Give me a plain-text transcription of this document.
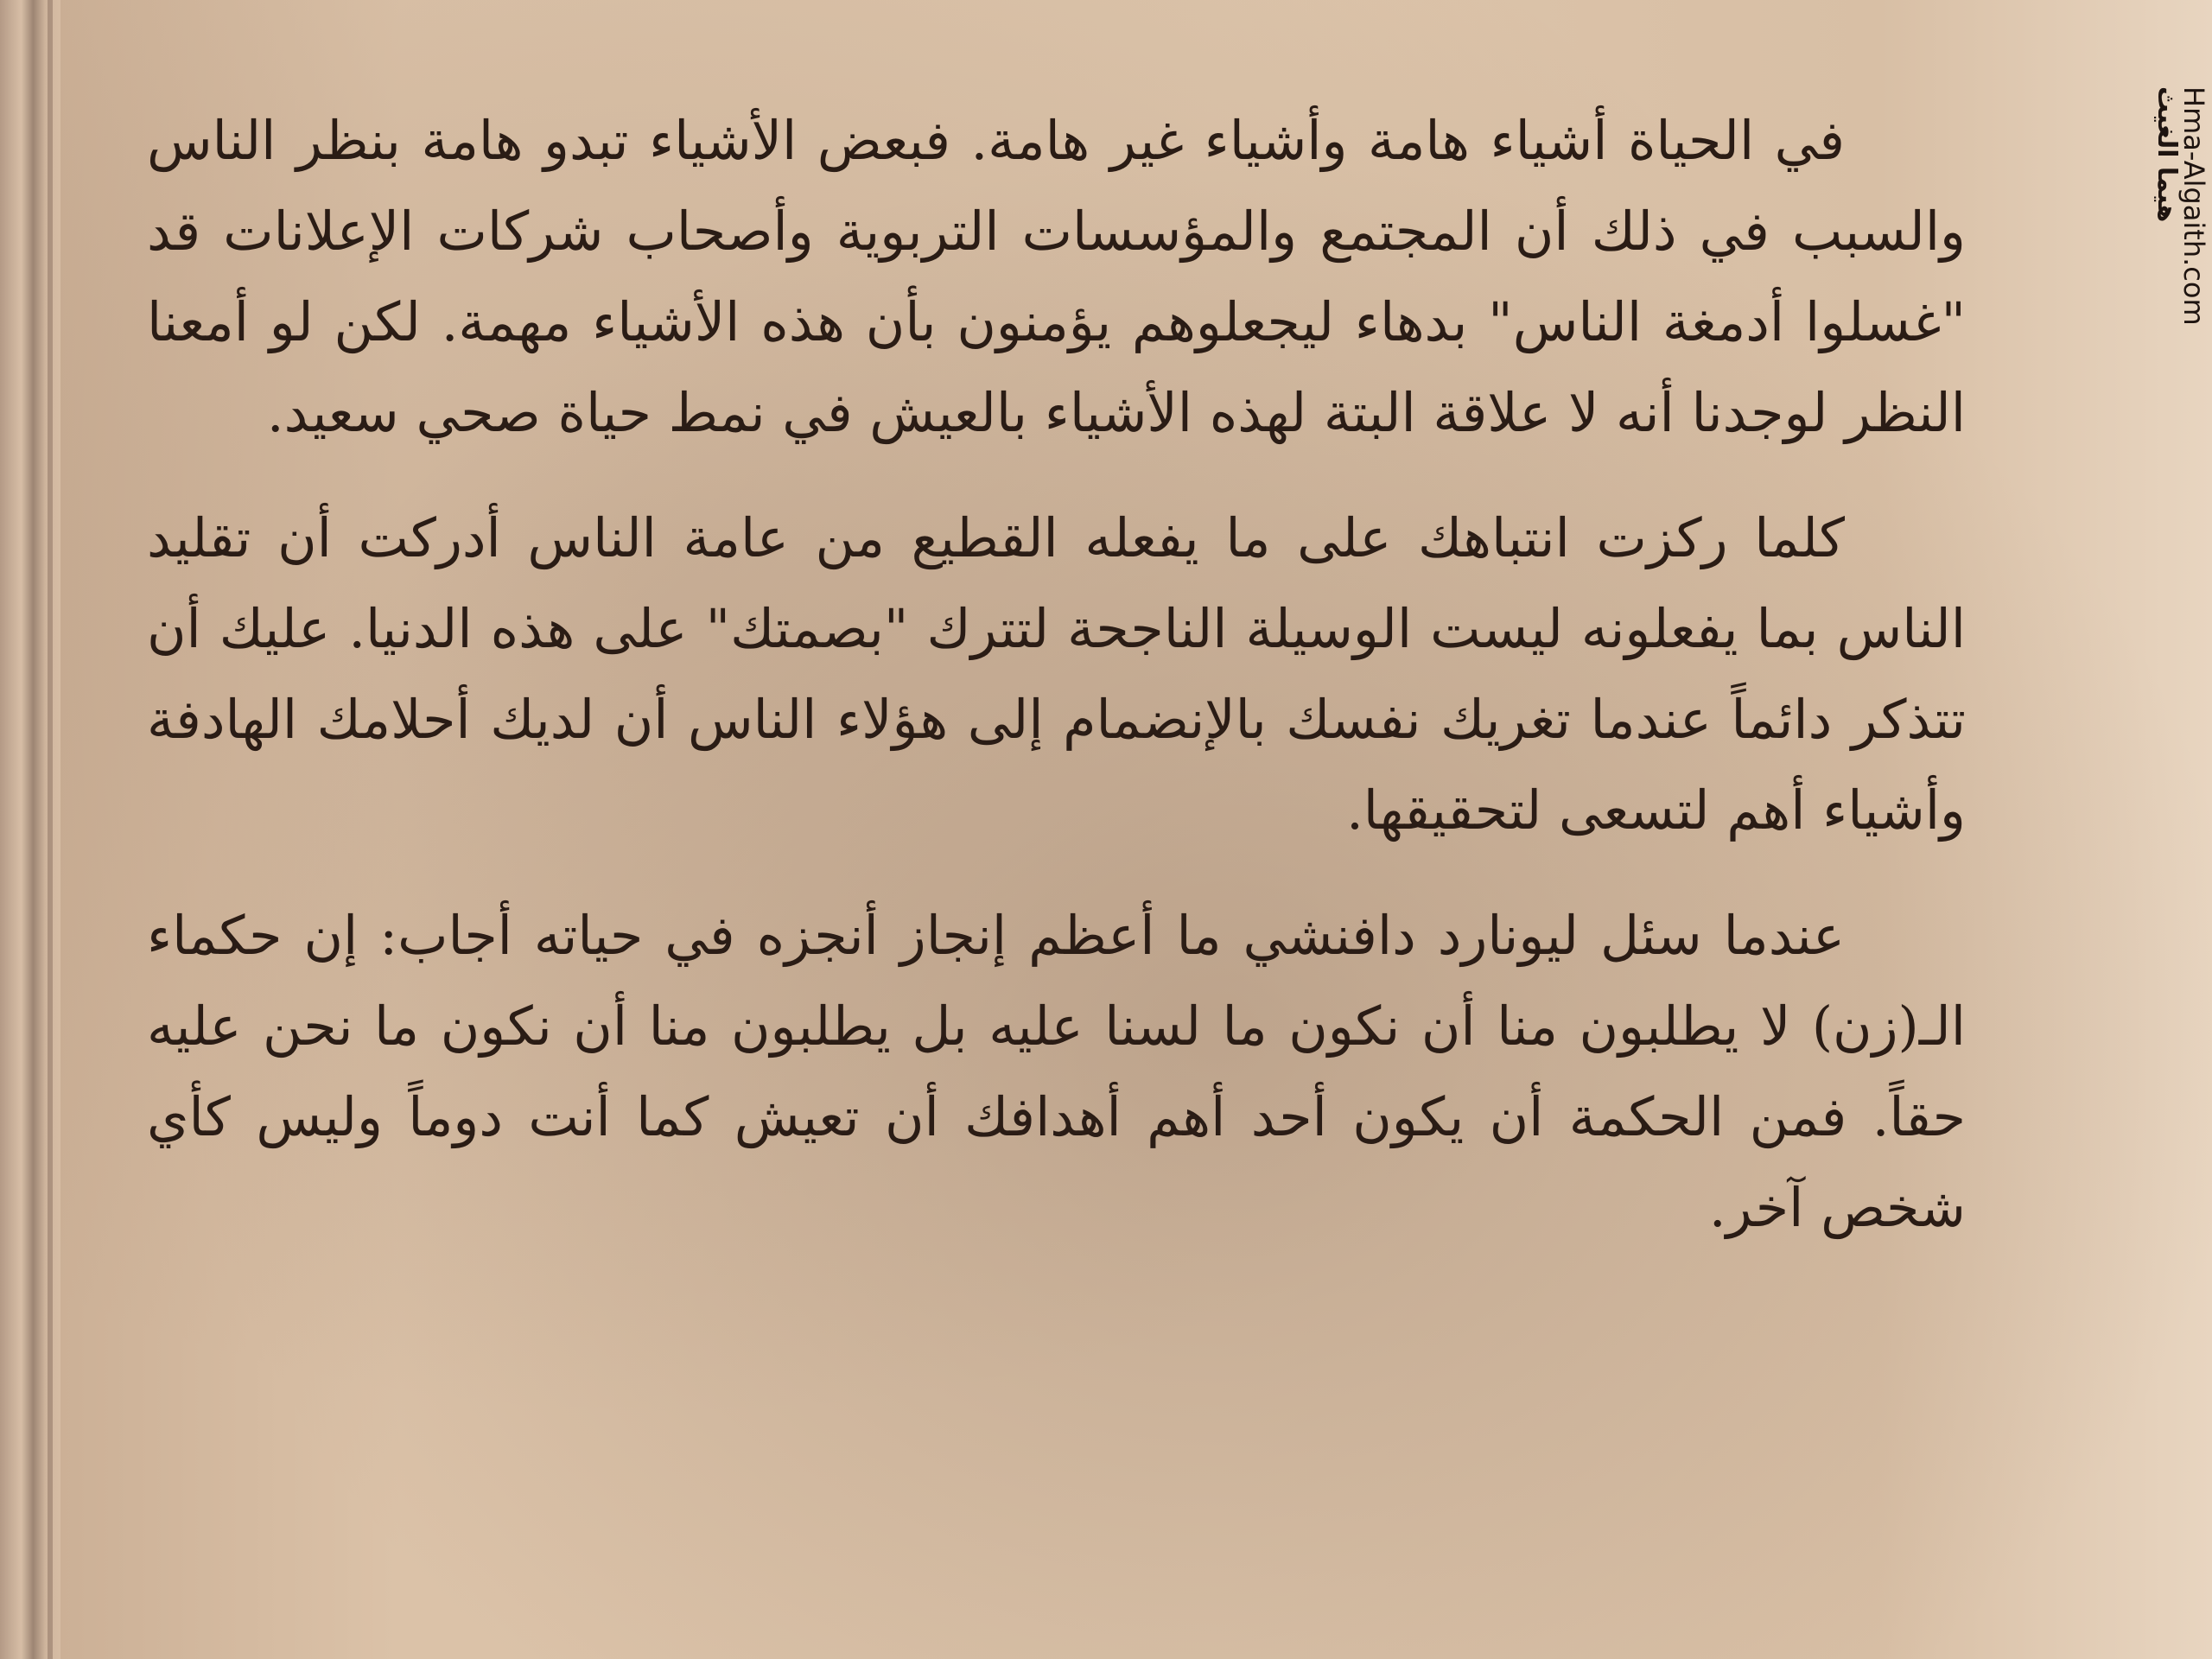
في الحياة أشياء هامة وأشياء غير هامة. فبعض الأشياء تبدو هامة بنظر الناس والسبب في ذلك أن المجتمع والمؤسسات التربوية وأصحاب شركات الإعلانات قد "غسلوا أدمغة الناس" بدهاء ليجعلوهم يؤمنون بأن هذه الأشياء مهمة. لكن لو أمعنا النظر لوجدنا أنه لا علاقة البتة لهذه الأشياء بالعيش في نمط حياة صحي سعيد.

كلما ركزت انتباهك على ما يفعله القطيع من عامة الناس أدركت أن تقليد الناس بما يفعلونه ليست الوسيلة الناجحة لتترك "بصمتك" على هذه الدنيا. عليك أن تتذكر دائماً عندما تغريك نفسك بالإنضمام إلى هؤلاء الناس أن لديك أحلامك الهادفة وأشياء أهم لتسعى لتحقيقها.

عندما سئل ليونارد دافنشي ما أعظم إنجاز أنجزه في حياته أجاب: إن حكماء الـ(زن) لا يطلبون منا أن نكون ما لسنا عليه بل يطلبون منا أن نكون ما نحن عليه حقاً. فمن الحكمة أن يكون أحد أهم أهدافك أن تعيش كما أنت دوماً وليس كأي شخص آخر.

هيما الغيث
Hma-Algaith.com
